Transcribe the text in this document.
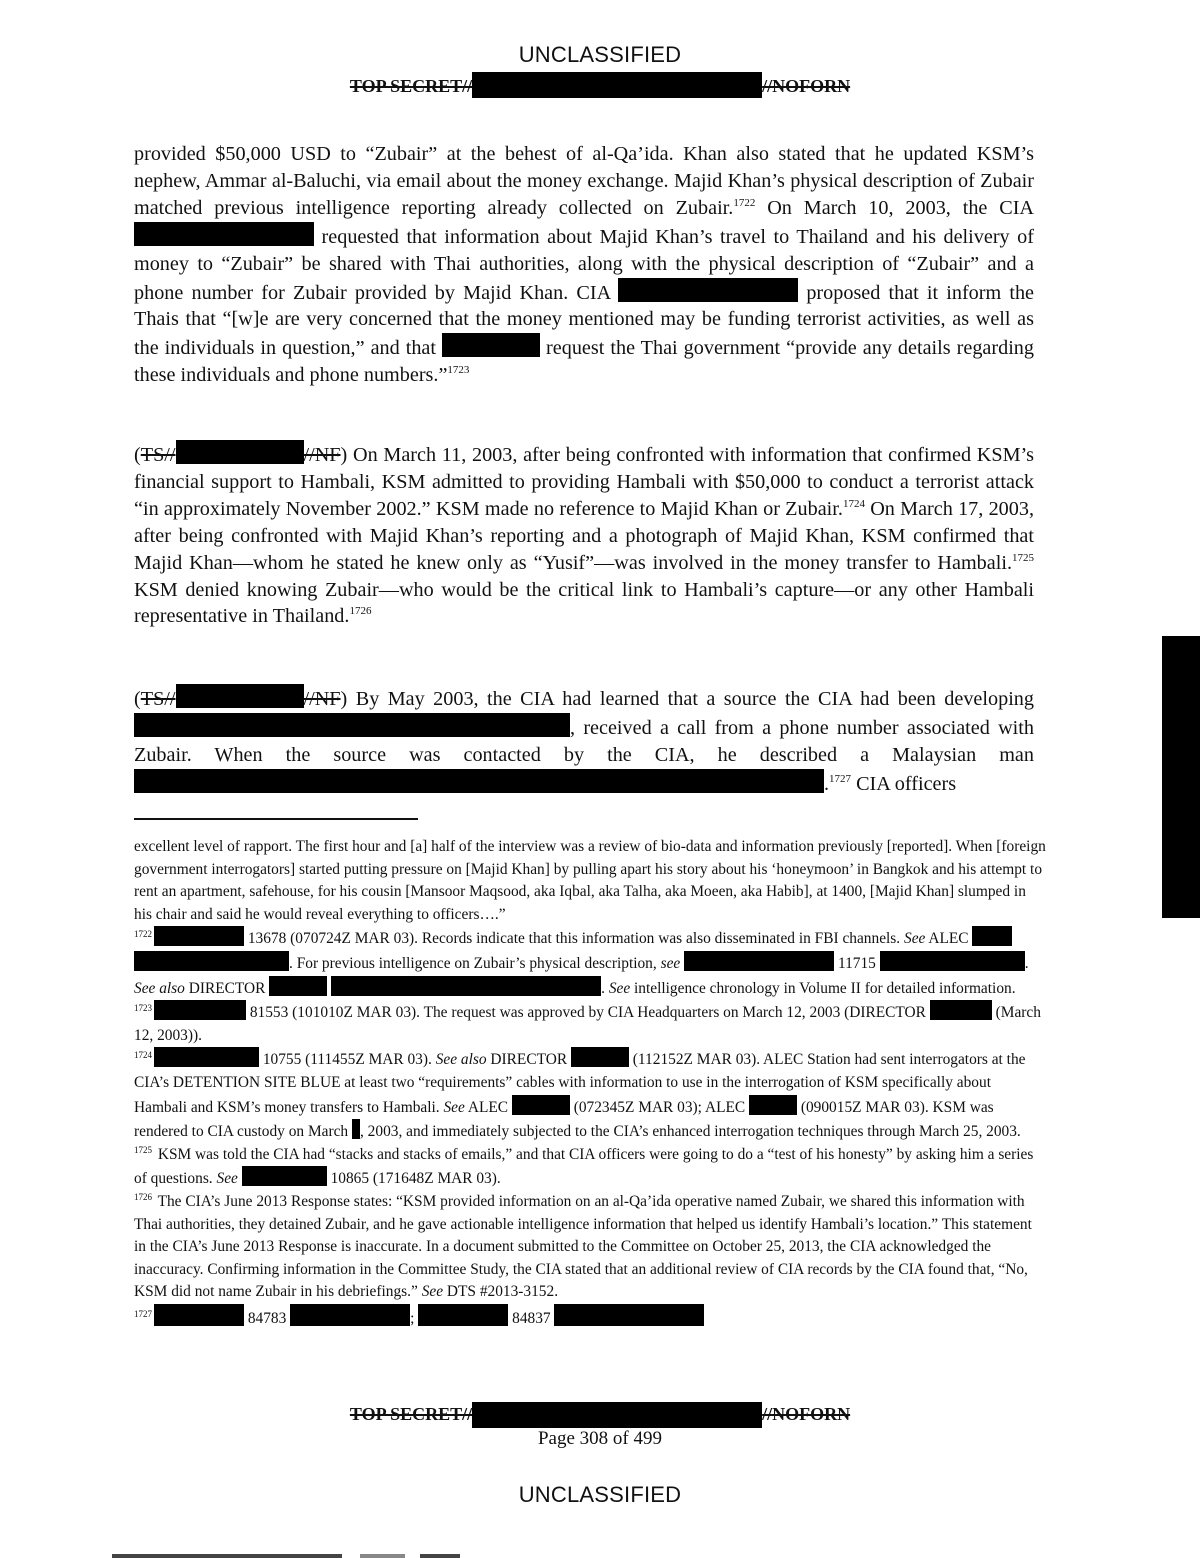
UNCLASSIFIED
TOP SECRET//	//NOFORN
provided $50,000 USD to “Zubair” at the behest of al-Qa’ida. Khan also stated that he updated KSM’s nephew, Ammar al-Baluchi, via email about the money exchange. Majid Khan’s physical description of Zubair matched previous intelligence reporting already collected on Zubair.$^{1722}$ On March 10, 2003, the CIA  requested that information about Majid Khan’s travel to Thailand and his delivery of money to “Zubair” be shared with Thai authorities, along with the physical description of “Zubair” and a phone number for Zubair provided by Majid Khan. CIA	proposed that it inform the Thais that “[w]e are very concerned that the money mentioned may be funding terrorist activities, as well as the individuals in question,” and that	request the Thai government “provide any details regarding these individuals and phone numbers.”$^{1723}$
(TS//	//NF) On March 11, 2003, after being confronted with information that confirmed KSM’s financial support to Hambali, KSM admitted to providing Hambali with $50,000 to conduct a terrorist attack “in approximately November 2002.” KSM made no reference to Majid Khan or Zubair.$^{1724}$ On March 17, 2003, after being confronted with Majid Khan’s reporting and a photograph of Majid Khan, KSM confirmed that Majid Khan—whom he stated he knew only as “Yusif”—was involved in the money transfer to Hambali.$^{1725}$ KSM denied knowing Zubair—who would be the critical link to Hambali’s capture—or any other Hambali representative in Thailand.$^{1726}$
(TS//	//NF) By May 2003, the CIA had learned that a source the CIA had been developing , received a call from a phone number associated with Zubair. When the source was contacted by the CIA, he described a Malaysian man .$^{1727}$ CIA officers

excellent level of rapport. The first hour and [a] half of the interview was a review of bio-data and information previously [reported]. When [foreign government interrogators] started putting pressure on [Majid Khan] by pulling apart his story about his ‘honeymoon’ in Bangkok and his attempt to rent an apartment, safehouse, for his cousin [Mansoor Maqsood, aka Iqbal, aka Talha, aka Moeen, aka Habib], at 1400, [Majid Khan] slumped in his chair and said he would reveal everything to officers….”

$^{1722}$	13678 (070724Z MAR 03). Records indicate that this information was also disseminated in FBI channels. See ALEC  . For previous intelligence on Zubair’s physical description, see	11715	. See also DIRECTOR	. See intelligence chronology in Volume II for detailed information.

$^{1723}$	81553 (101010Z MAR 03). The request was approved by CIA Headquarters on March 12, 2003 (DIRECTOR	(March 12, 2003)).

$^{1724}$	10755 (111455Z MAR 03). See also DIRECTOR	(112152Z MAR 03). ALEC Station had sent interrogators at the CIA’s DETENTION SITE BLUE at least two “requirements” cables with information to use in the interrogation of KSM specifically about Hambali and KSM’s money transfers to Hambali. See ALEC	(072345Z MAR 03); ALEC	(090015Z MAR 03). KSM was rendered to CIA custody on March , 2003, and immediately subjected to the CIA’s enhanced interrogation techniques through March 25, 2003.

$^{1725}$ KSM was told the CIA had “stacks and stacks of emails,” and that CIA officers were going to do a “test of his honesty” by asking him a series of questions. See	10865 (171648Z MAR 03).

$^{1726}$ The CIA’s June 2013 Response states: “KSM provided information on an al-Qa’ida operative named Zubair, we shared this information with Thai authorities, they detained Zubair, and he gave actionable intelligence information that helped us identify Hambali’s location.” This statement in the CIA’s June 2013 Response is inaccurate. In a document submitted to the Committee on October 25, 2013, the CIA acknowledged the inaccuracy. Confirming information in the Committee Study, the CIA stated that an additional review of CIA records by the CIA found that, “No, KSM did not name Zubair in his debriefings.” See DTS #2013-3152.

$^{1727}$	84783	;	84837

TOP SECRET//	//NOFORN
Page 308 of 499
UNCLASSIFIED
